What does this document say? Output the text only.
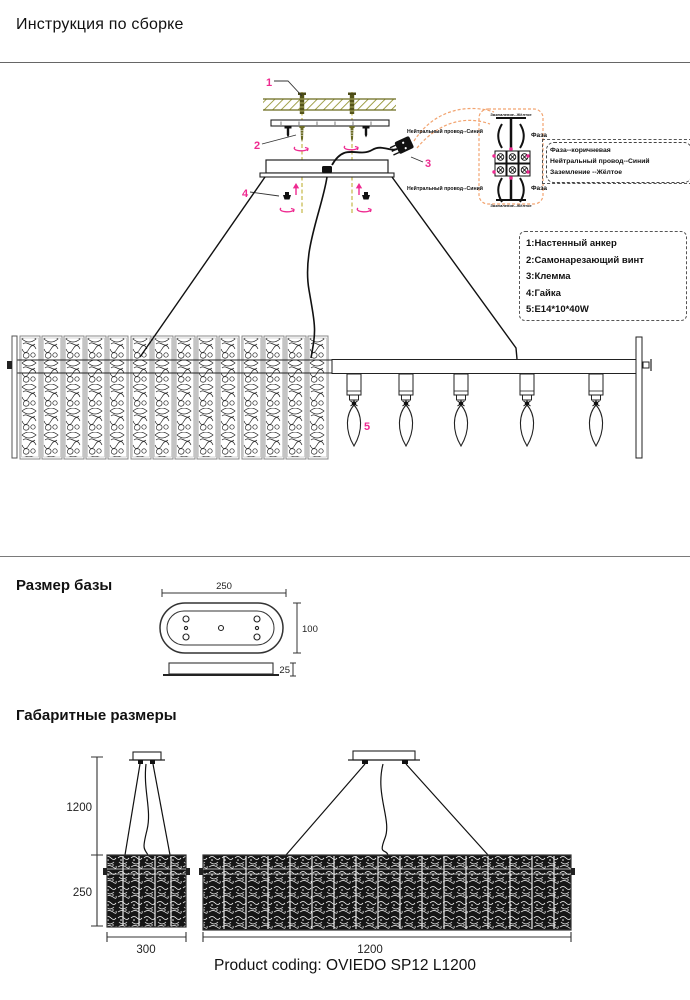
1
2
3
4
5
Заземление--Жёлтое
Заземление--Жёлтое
Нейтральный провод--Синий
Нейтральный провод--Синий
Фаза
Фаза
250
100
25
1200
250
300	1200
Инструкция по сборке
Фаза--коричневая
Нейтральный провод--Синий
Заземление --Жёлтое
1:Настенный анкер
2:Самонарезающий винт
3:Клемма
4:Гайка
5:E14*10*40W
Размер базы
Габаритные размеры
Product coding: OVIEDO SP12 L1200
